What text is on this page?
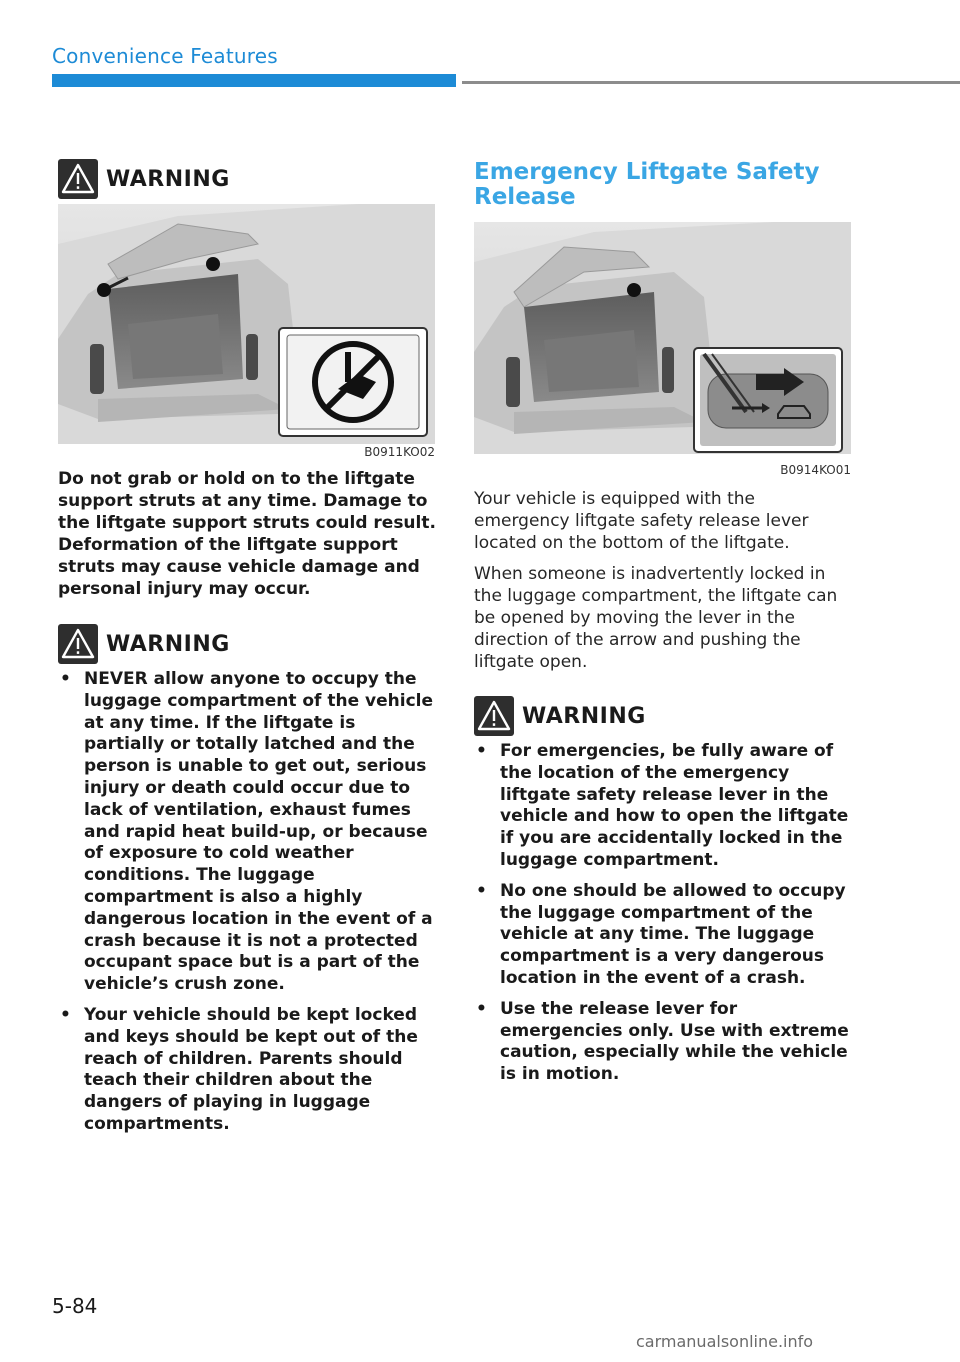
Convenience Features
WARNING
B0911KO02

Do not grab or hold on to the liftgate support struts at any time. Damage to the liftgate support struts could result. Deformation of the liftgate support struts may cause vehicle damage and personal injury may occur.

WARNING
• NEVER allow anyone to occupy the luggage compartment of the vehicle at any time. If the liftgate is partially or totally latched and the person is unable to get out, serious injury or death could occur due to lack of ventilation, exhaust fumes and rapid heat build-up, or because of exposure to cold weather conditions. The luggage compartment is also a highly dangerous location in the event of a crash because it is not a protected occupant space but is a part of the vehicle’s crush zone.
• Your vehicle should be kept locked and keys should be kept out of the reach of children. Parents should teach their children about the dangers of playing in luggage compartments.
Emergency Liftgate Safety Release
B0914KO01

Your vehicle is equipped with the emergency liftgate safety release lever located on the bottom of the liftgate.

When someone is inadvertently locked in the luggage compartment, the liftgate can be opened by moving the lever in the direction of the arrow and pushing the liftgate open.

WARNING
• For emergencies, be fully aware of the location of the emergency liftgate safety release lever in the vehicle and how to open the liftgate if you are accidentally locked in the luggage compartment.
• No one should be allowed to occupy the luggage compartment of the vehicle at any time. The luggage compartment is a very dangerous location in the event of a crash.
• Use the release lever for emergencies only. Use with extreme caution, especially while the vehicle is in motion.
5-84
carmanualsonline.info
